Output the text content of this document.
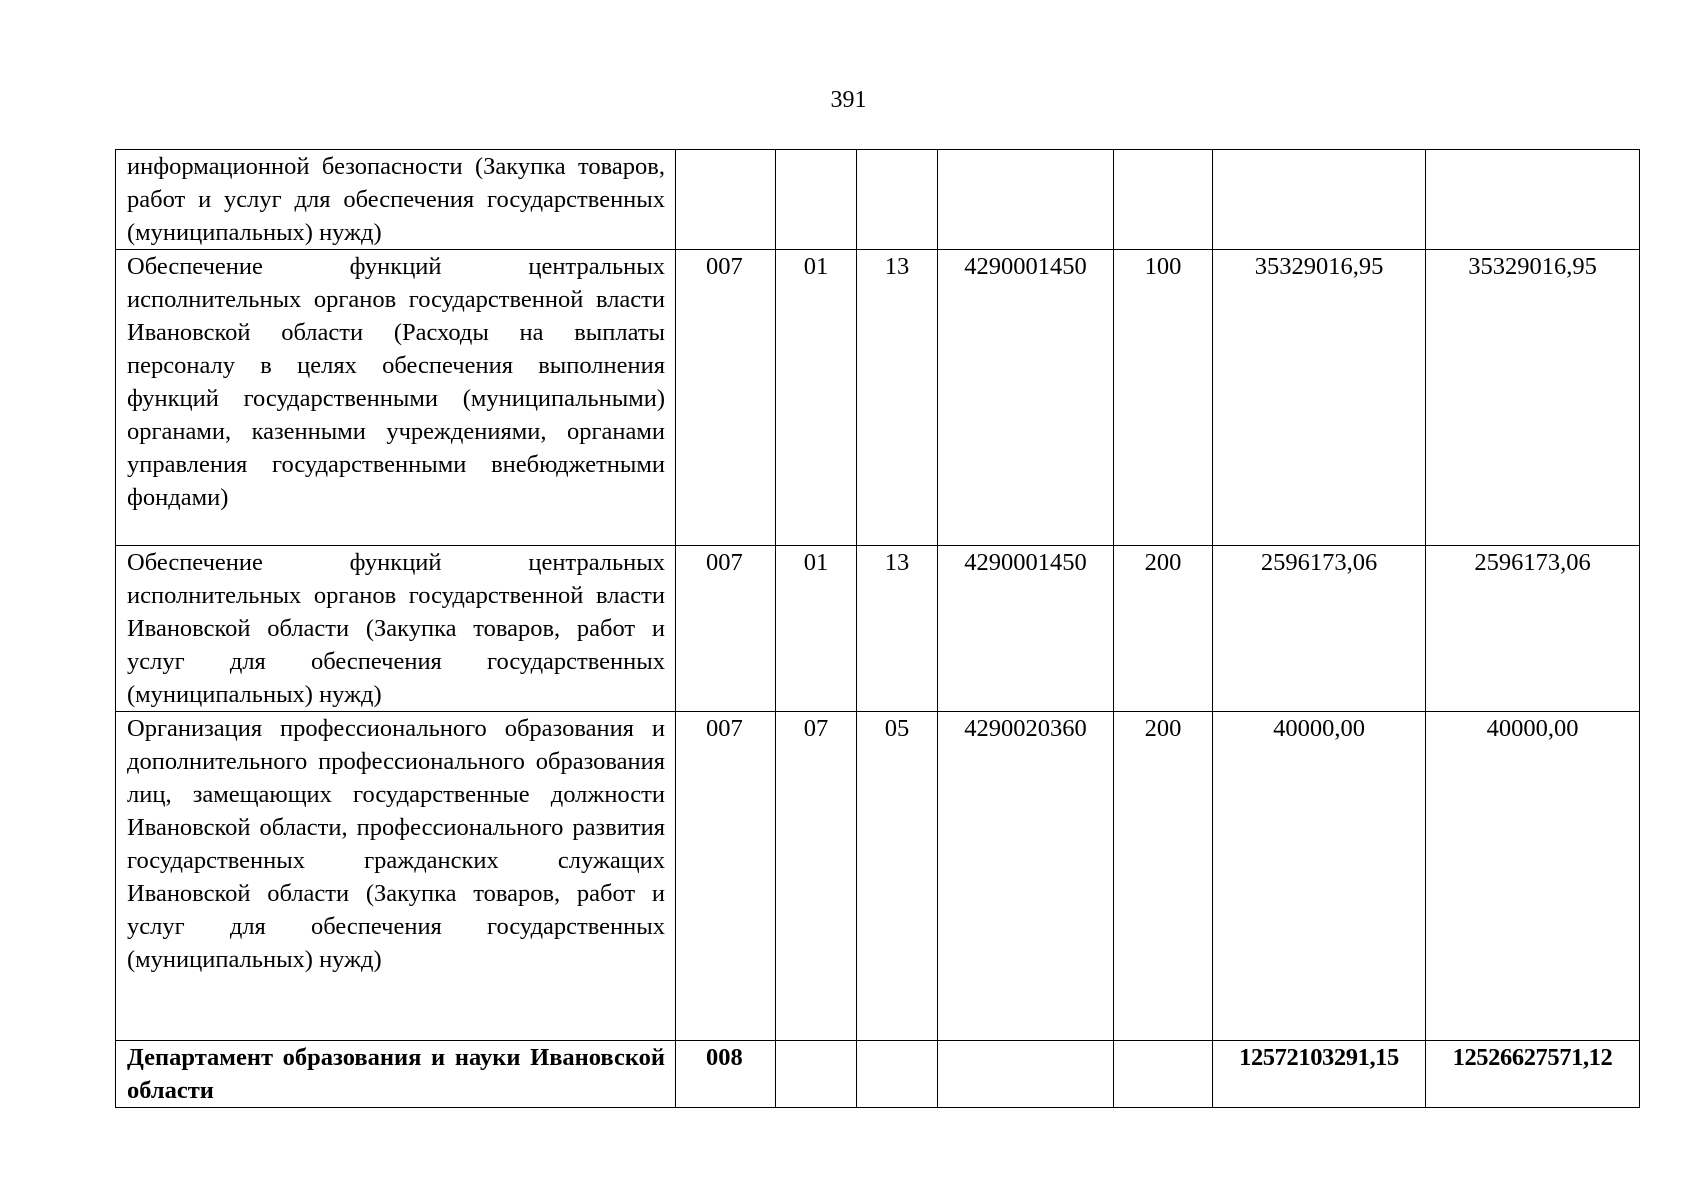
391
информационной безопасности (Закупка товаров, работ и услуг для обеспечения государственных (муниципальных) нужд)							
Обеспечение функций центральных исполнительных органов государственной власти Ивановской области (Расходы на выплаты персоналу в целях обеспечения выполнения функций государственными (муниципальными) органами, казенными учреждениями, органами управления государственными внебюджетными фондами)	007	01	13	4290001450	100	35329016,95	35329016,95
Обеспечение функций центральных исполнительных органов государственной власти Ивановской области (Закупка товаров, работ и услуг для обеспечения государственных (муниципальных) нужд)	007	01	13	4290001450	200	2596173,06	2596173,06
Организация профессионального образования и дополнительного профессионального образования лиц, замещающих государственные должности Ивановской области, профессионального развития государственных гражданских служащих Ивановской области (Закупка товаров, работ и услуг для обеспечения государственных (муниципальных) нужд)	007	07	05	4290020360	200	40000,00	40000,00
Департамент образования и науки Ивановской области	008					12572103291,15	12526627571,12
